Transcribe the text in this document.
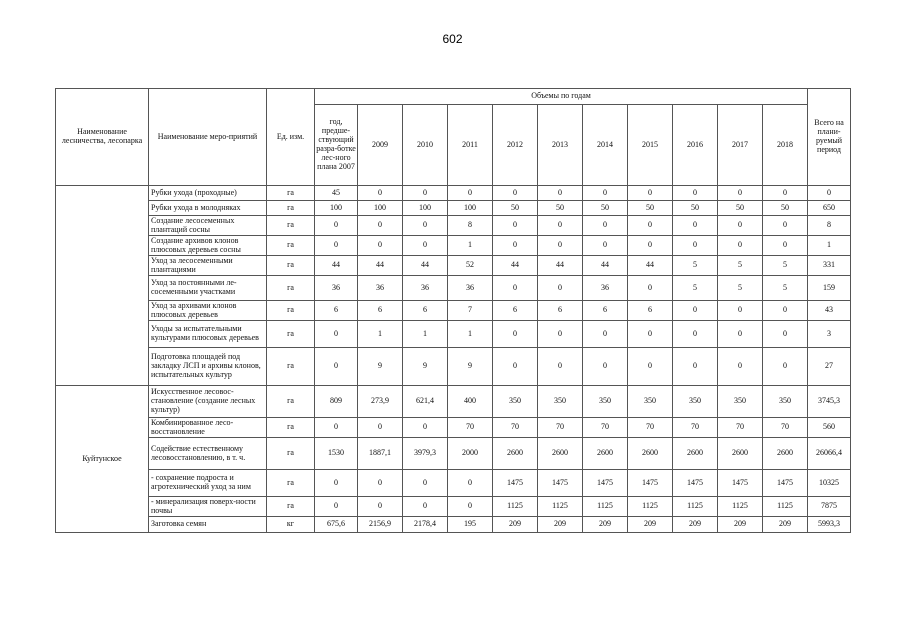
602
Наименование лесничества, лесопарка	Наименование меро-приятий	Ед. изм.	Объемы по годам											Всего на плани-руемый период
			год, предше-ствующий разра-ботке лес-ного плана 2007	2009	2010	2011	2012	2013	2014	2015	2016	2017	2018	
	Рубки ухода (проходные)	га	45	0	0	0	0	0	0	0	0	0	0	0
	Рубки ухода в молодняках	га	100	100	100	100	50	50	50	50	50	50	50	650
	Создание лесосеменных плантаций сосны	га	0	0	0	8	0	0	0	0	0	0	0	8
	Создание архивов клонов плюсовых деревьев сосны	га	0	0	0	1	0	0	0	0	0	0	0	1
	Уход за лесосеменными плантациями	га	44	44	44	52	44	44	44	44	5	5	5	331
	Уход за постоянными ле-сосеменными участками	га	36	36	36	36	0	0	36	0	5	5	5	159
	Уход за архивами клонов плюсовых деревьев	га	6	6	6	7	6	6	6	6	0	0	0	43
	Уходы за испытательными культурами плюсовых деревьев	га	0	1	1	1	0	0	0	0	0	0	0	3
	Подготовка площадей под закладку ЛСП и архивы клонов, испытательных культур	га	0	9	9	9	0	0	0	0	0	0	0	27
Куйтунское	Искусственное лесовос-становление (создание лесных культур)	га	809	273,9	621,4	400	350	350	350	350	350	350	350	3745,3
	Комбинированное лесо-восстановление	га	0	0	0	70	70	70	70	70	70	70	70	560
	Содействие естественному лесовосстановлению, в т. ч.	га	1530	1887,1	3979,3	2000	2600	2600	2600	2600	2600	2600	2600	26066,4
	- сохранение подроста и агротехнический уход за ним	га	0	0	0	0	1475	1475	1475	1475	1475	1475	1475	10325
	- минерализация поверх-ности почвы	га	0	0	0	0	1125	1125	1125	1125	1125	1125	1125	7875
	Заготовка семян	кг	675,6	2156,9	2178,4	195	209	209	209	209	209	209	209	5993,3
